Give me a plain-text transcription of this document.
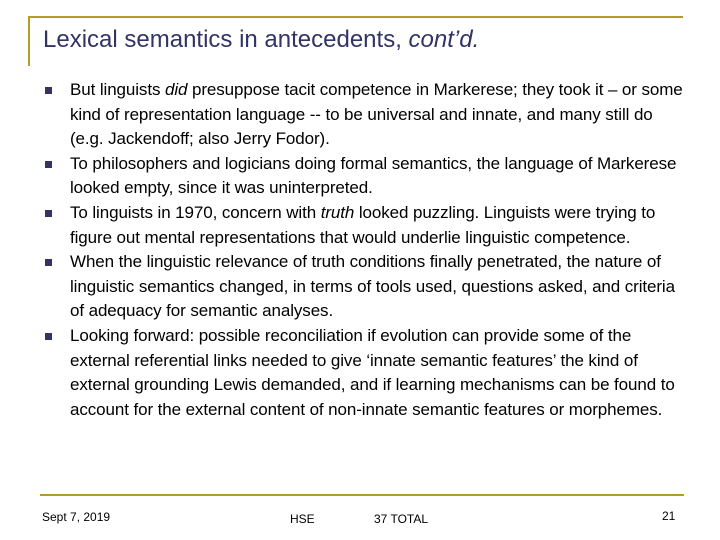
Lexical semantics in antecedents, cont’d.
But linguists did presuppose tacit competence in Markerese; they took it – or some kind of representation language -- to be universal and innate, and many still do (e.g. Jackendoff; also Jerry Fodor).
To philosophers and logicians doing formal semantics, the language of Markerese looked empty, since it was uninterpreted.
To linguists in 1970, concern with truth looked puzzling. Linguists were trying to figure out mental representations that would underlie linguistic competence.
When the linguistic relevance of truth conditions finally penetrated, the nature of linguistic semantics changed, in terms of tools used, questions asked, and criteria of adequacy for semantic analyses.
Looking forward: possible reconciliation if evolution can provide some of the external referential links needed to give ‘innate semantic features’ the kind of external grounding Lewis demanded, and if learning mechanisms can be found to account for the external content of non-innate semantic features or morphemes.
Sept 7, 2019	HSE	37 TOTAL	21
